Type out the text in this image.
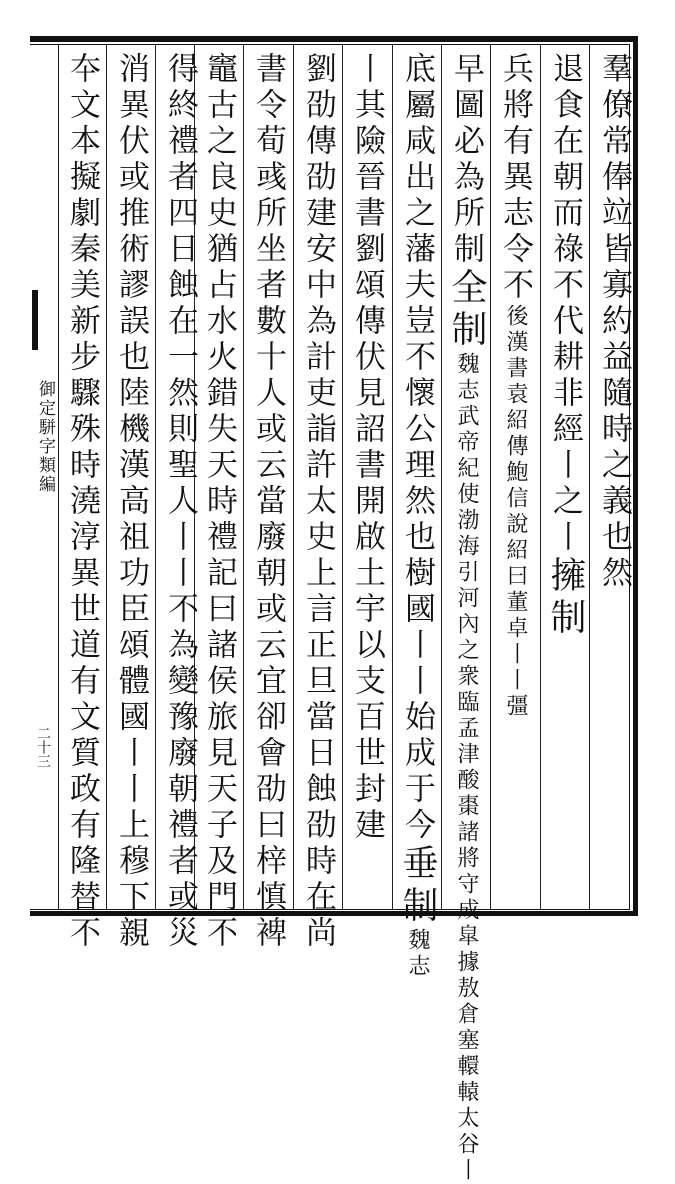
御定駢字類編
二十三
羣僚常俸竝皆寡約益隨時之義也然
退食在朝而祿不代耕非經丨之丨
擁制
兵將有異志令不
後漢書袁紹傳鮑信說紹曰董卓丨丨彊
早圖必為所制
全制
魏志武帝紀使渤海引河內之衆臨孟津酸棗諸將守成皐據敖倉塞轘轅太谷丨
底屬咸出之藩夫豈不懷公理然也樹國丨丨始成于今
垂制
魏志
丨其險晉書劉頌傳伏見詔書開啟土宇以支百世封建
劉劭傳劭建安中為計吏詣許太史上言正旦當日蝕劭時在尚
書令荀彧所坐者數十人或云當廢朝或云宜卻會劭曰梓慎裨
竈古之良史猶占水火錯失天時禮記曰諸侯旅見天子及門不
得終禮者四日蝕在一然則聖人丨丨不為變豫廢朝禮者或災
消異伏或推術謬誤也陸機漢高祖功臣頌體國丨丨上穆下親
夲文本擬劇秦美新步驟殊時澆淳異世道有文質政有隆替不
